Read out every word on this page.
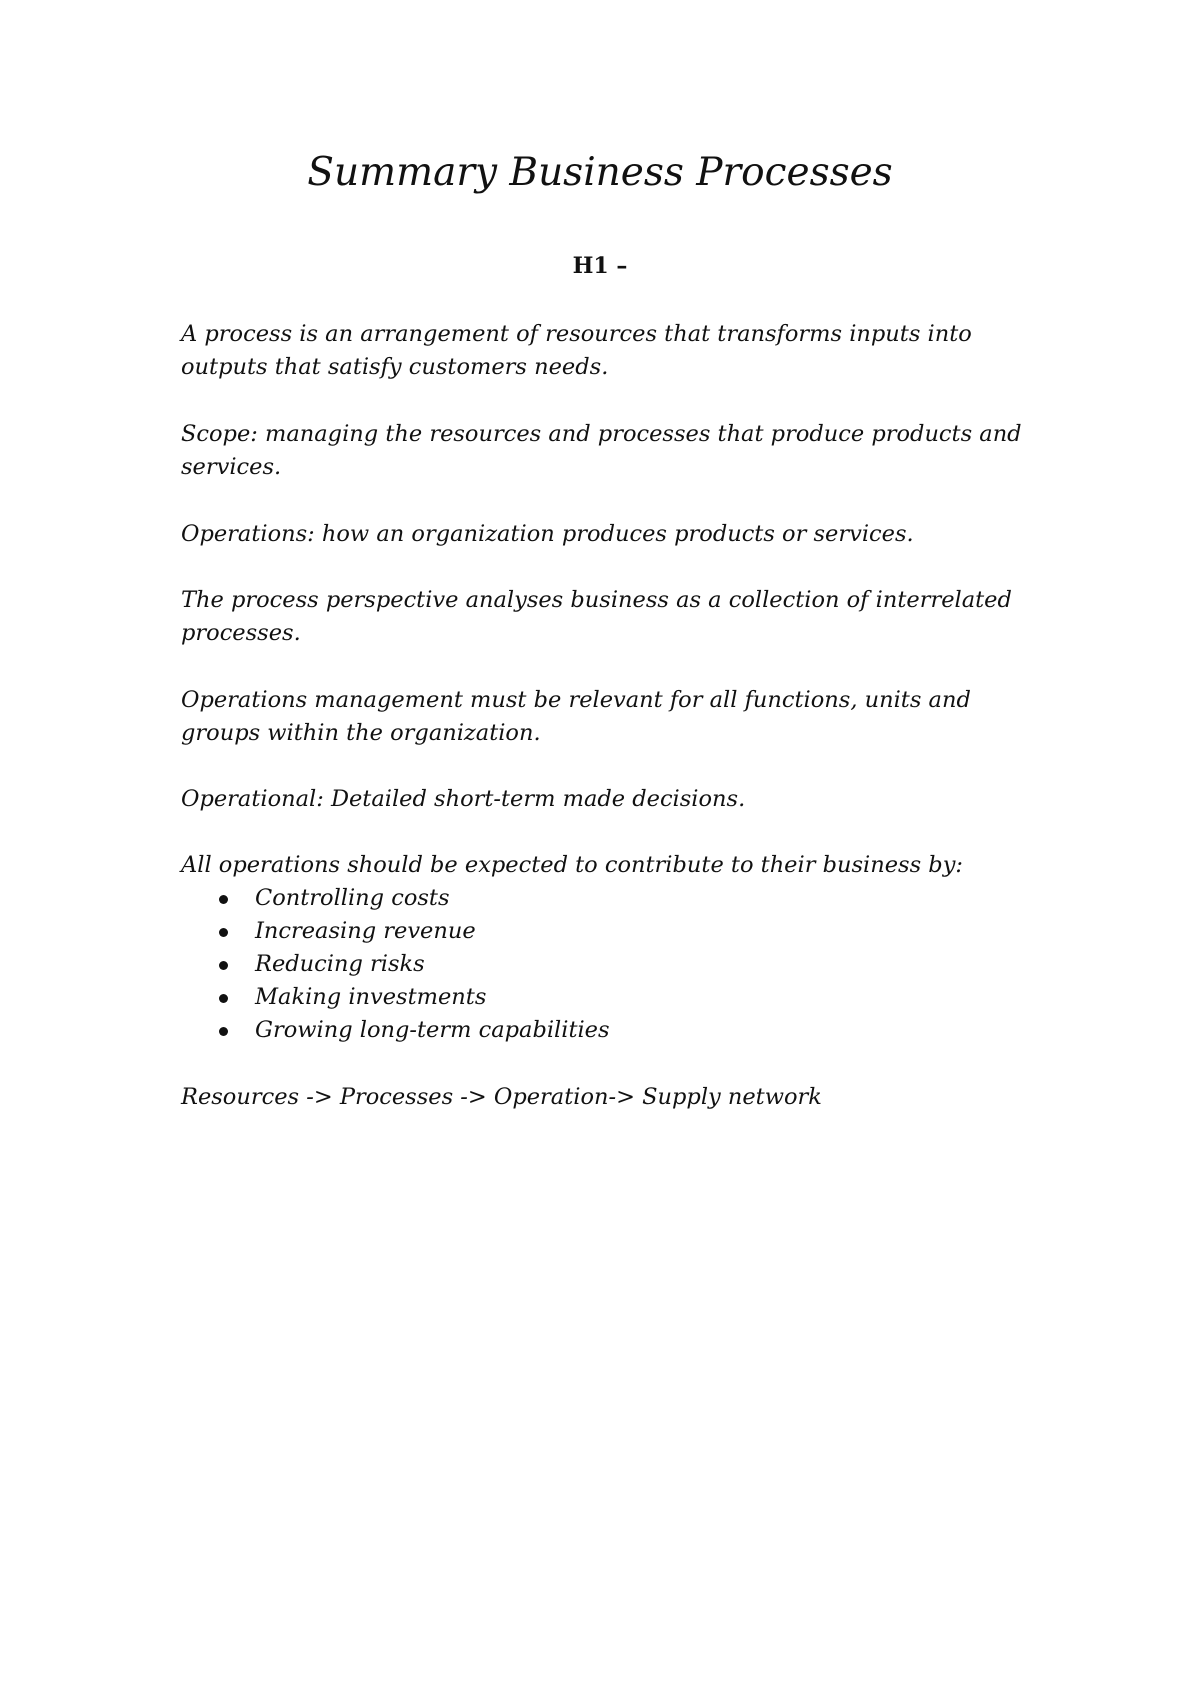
Summary Business Processes
H1 –

A process is an arrangement of resources that transforms inputs into outputs that satisfy customers needs.

Scope: managing the resources and processes that produce products and services.

Operations: how an organization produces products or services.

The process perspective analyses business as a collection of interrelated processes.

Operations management must be relevant for all functions, units and groups within the organization.

Operational: Detailed short-term made decisions.

All operations should be expected to contribute to their business by:

Controlling costs
Increasing revenue
Reducing risks
Making investments
Growing long-term capabilities

Resources -> Processes -> Operation-> Supply network
